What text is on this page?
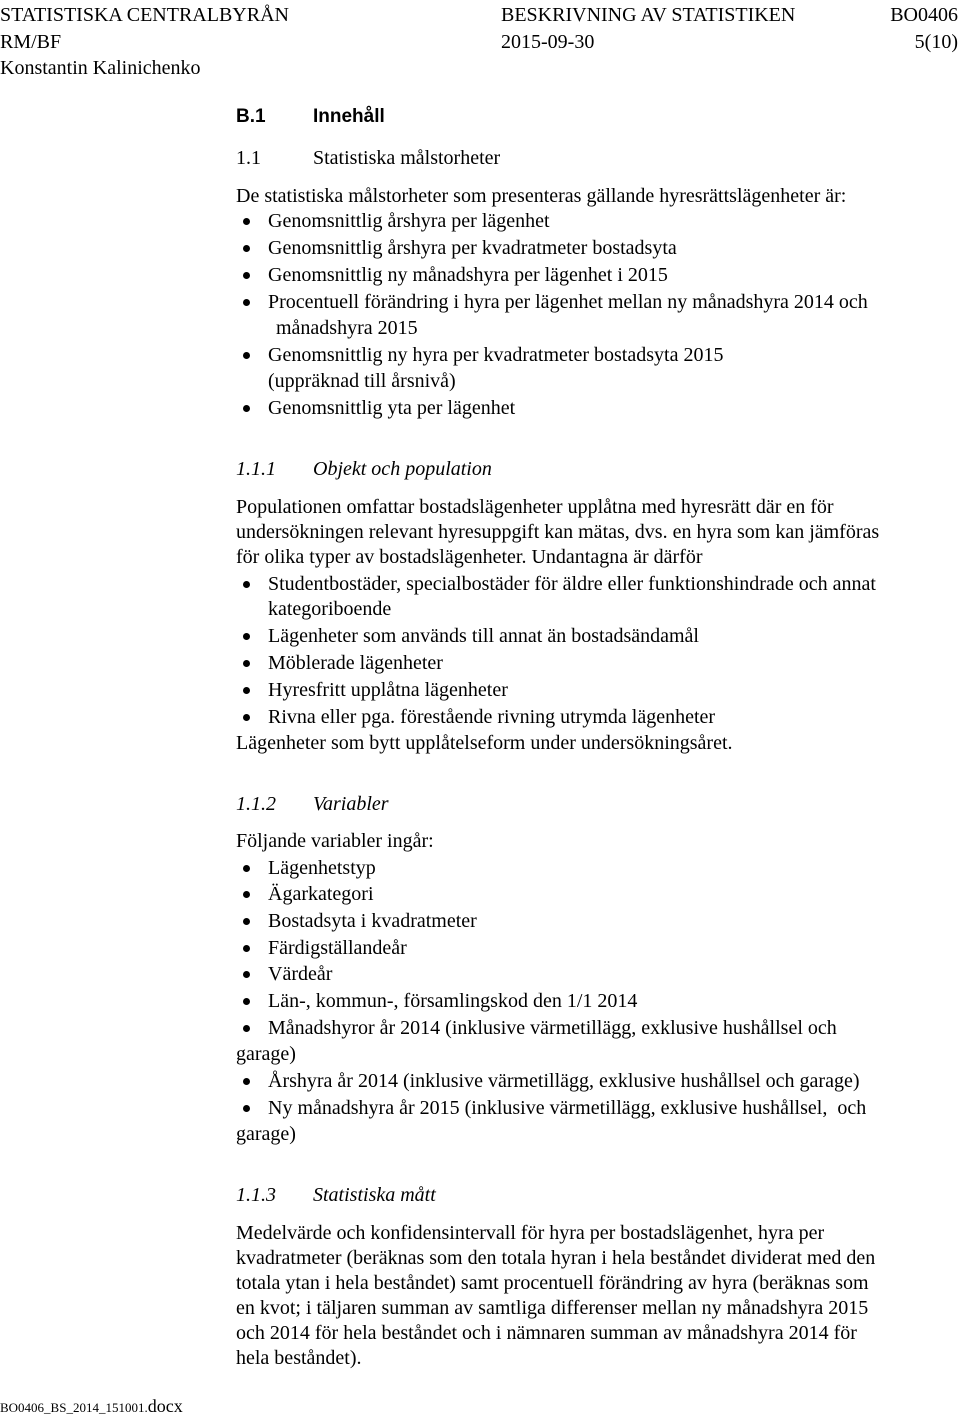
STATISTISKA CENTRALBYRÅN	BESKRIVNING AV STATISTIKEN	BO0406
RM/BF	2015-09-30	5(10)
Konstantin Kalinichenko
B.1 Innehåll
1.1	Statistiska målstorheter
De statistiska målstorheter som presenteras gällande hyresrättslägenheter är:
Genomsnittlig årshyra per lägenhet
Genomsnittlig årshyra per kvadratmeter bostadsyta
Genomsnittlig ny månadshyra per lägenhet i 2015
Procentuell förändring i hyra per lägenhet mellan ny månadshyra 2014 och
månadshyra 2015
Genomsnittlig ny hyra per kvadratmeter bostadsyta 2015
(uppräknad till årsnivå)
Genomsnittlig yta per lägenhet
1.1.1 Objekt och population
Populationen omfattar bostadslägenheter upplåtna med hyresrätt där en för
undersökningen relevant hyresuppgift kan mätas, dvs. en hyra som kan jämföras
för olika typer av bostadslägenheter. Undantagna är därför
Studentbostäder, specialbostäder för äldre eller funktionshindrade och annat
kategoriboende
Lägenheter som används till annat än bostadsändamål
Möblerade lägenheter
Hyresfritt upplåtna lägenheter
Rivna eller pga. förestående rivning utrymda lägenheter
Lägenheter som bytt upplåtelseform under undersökningsåret.
1.1.2 Variabler
Följande variabler ingår:
Lägenhetstyp
Ägarkategori
Bostadsyta i kvadratmeter
Färdigställandeår
Värdeår
Län-, kommun-, församlingskod den 1/1 2014
Månadshyror år 2014 (inklusive värmetillägg, exklusive hushållsel och
garage)
Årshyra år 2014 (inklusive värmetillägg, exklusive hushållsel och garage)
Ny månadshyra år 2015 (inklusive värmetillägg, exklusive hushållsel,  och
garage)
1.1.3 Statistiska mått
Medelvärde och konfidensintervall för hyra per bostadslägenhet, hyra per
kvadratmeter (beräknas som den totala hyran i hela beståndet dividerat med den
totala ytan i hela beståndet) samt procentuell förändring av hyra (beräknas som
en kvot; i täljaren summan av samtliga differenser mellan ny månadshyra 2015
och 2014 för hela beståndet och i nämnaren summan av månadshyra 2014 för
hela beståndet).
BO0406_BS_2014_151001.docx
